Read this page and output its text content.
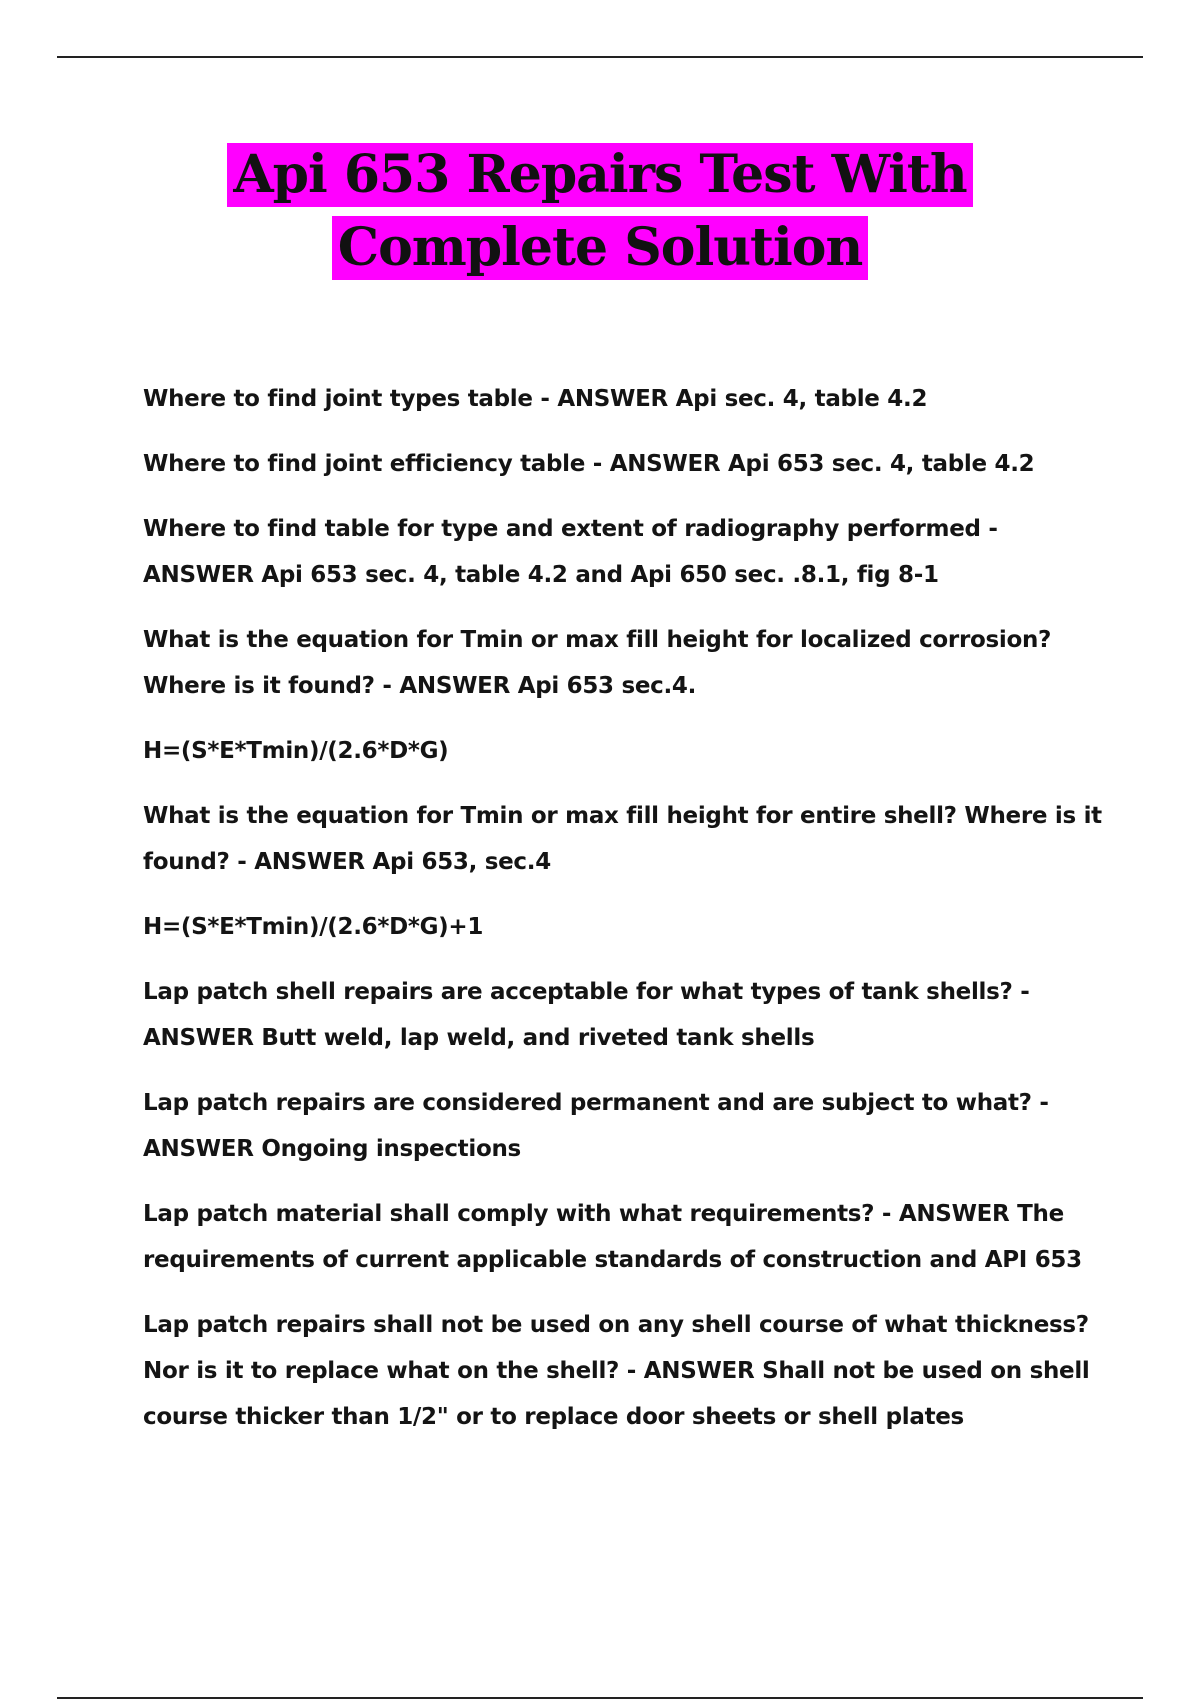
Api 653 Repairs Test With
Complete Solution

Where to find joint types table - ANSWER Api sec. 4, table 4.2

Where to find joint efficiency table - ANSWER Api 653 sec. 4, table 4.2

Where to find table for type and extent of radiography performed - ANSWER Api 653 sec. 4, table 4.2 and Api 650 sec. .8.1, fig 8-1

What is the equation for Tmin or max fill height for localized corrosion? Where is it found? - ANSWER Api 653 sec.4.

H=(S*E*Tmin)/(2.6*D*G)

What is the equation for Tmin or max fill height for entire shell? Where is it found? - ANSWER Api 653, sec.4

H=(S*E*Tmin)/(2.6*D*G)+1

Lap patch shell repairs are acceptable for what types of tank shells? - ANSWER Butt weld, lap weld, and riveted tank shells

Lap patch repairs are considered permanent and are subject to what? - ANSWER Ongoing inspections

Lap patch material shall comply with what requirements? - ANSWER The requirements of current applicable standards of construction and API 653

Lap patch repairs shall not be used on any shell course of what thickness? Nor is it to replace what on the shell? - ANSWER Shall not be used on shell course thicker than 1/2" or to replace door sheets or shell plates
